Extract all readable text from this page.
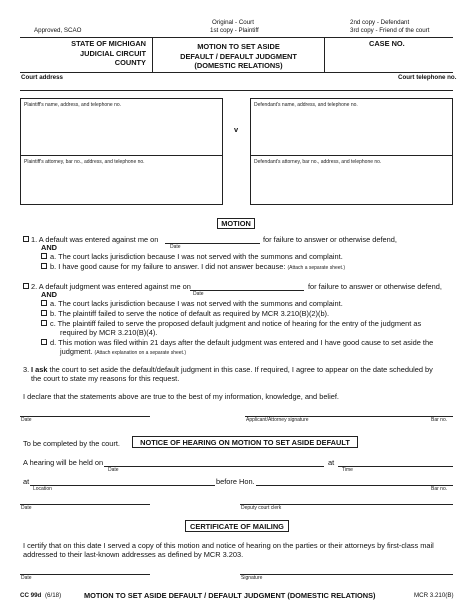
Approved, SCAO
Original - Court
1st copy - Plaintiff
2nd copy - Defendant
3rd copy - Friend of the court
STATE OF MICHIGAN
JUDICIAL CIRCUIT
COUNTY
MOTION TO SET ASIDE
DEFAULT / DEFAULT JUDGMENT
(DOMESTIC RELATIONS)
CASE NO.
Court address	Court telephone no.
Plaintiff's name, address, and telephone no.
v
Defendant's name, address, and telephone no.
Plaintiff's attorney, bar no., address, and telephone no.	Defendant's attorney, bar no., address, and telephone no.
MOTION
1. A default was entered against me on
Date
for failure to answer or otherwise defend,
AND
a. The court lacks jurisdiction because I was not served with the summons and complaint.
b. I have good cause for my failure to answer. I did not answer because: (Attach a separate sheet.)
2. A default judgment was entered against me on
Date
for failure to answer or otherwise defend,
AND
a. The court lacks jurisdiction because I was not served with the summons and complaint.
b. The plaintiff failed to serve the notice of default as required by MCR 3.210(B)(2)(b).
c. The plaintiff failed to serve the proposed default judgment and notice of hearing for the entry of the judgment as
required by MCR 3.210(B)(4).
d. This motion was filed within 21 days after the default judgment was entered and I have good cause to set aside the
judgment. (Attach explanation on a separate sheet.)
3. I ask the court to set aside the default/default judgment in this case. If required, I agree to appear on the date scheduled by
the court to state my reasons for this request.
I declare that the statements above are true to the best of my information, knowledge, and belief.
Date	Applicant/Attorney signature	Bar no.
To be completed by the court.	NOTICE OF HEARING ON MOTION TO SET ASIDE DEFAULT
A hearing will be held on
Date
at
Time
at
Location
before Hon.
Bar no.
Date	Deputy court clerk
CERTIFICATE OF MAILING
I certify that on this date I served a copy of this motion and notice of hearing on the parties or their attorneys by first-class mail
addressed to their last-known addresses as defined by MCR 3.203.
Date	Signature
CC 99d (6/18)	MOTION TO SET ASIDE DEFAULT / DEFAULT JUDGMENT (DOMESTIC RELATIONS)	MCR 3.210(B)
